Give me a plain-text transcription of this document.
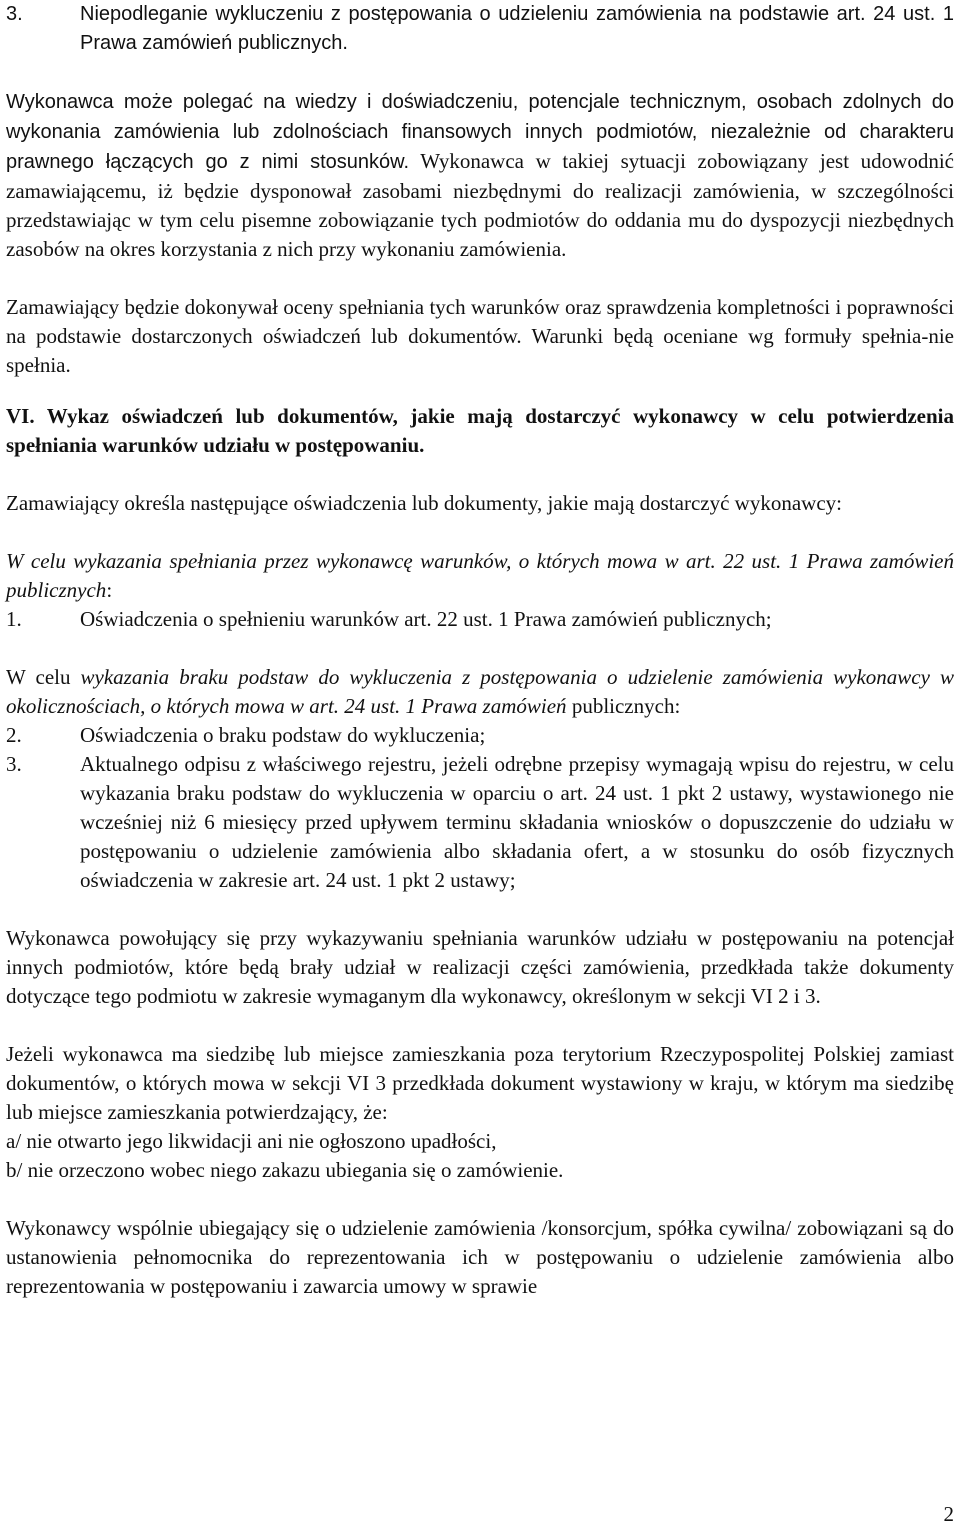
3.	Niepodleganie wykluczeniu z postępowania o udzieleniu zamówienia na podstawie art. 24 ust. 1 Prawa zamówień publicznych.

Wykonawca może polegać na wiedzy i doświadczeniu, potencjale technicznym, osobach zdolnych do wykonania zamówienia lub zdolnościach finansowych innych podmiotów, niezależnie od charakteru prawnego łączących go z nimi stosunków. Wykonawca w takiej sytuacji zobowiązany jest udowodnić zamawiającemu, iż będzie dysponował zasobami niezbędnymi do realizacji zamówienia, w szczególności przedstawiając w tym celu pisemne zobowiązanie tych podmiotów do oddania mu do dyspozycji niezbędnych zasobów na okres korzystania z nich przy wykonaniu zamówienia.

Zamawiający będzie dokonywał oceny spełniania tych warunków oraz sprawdzenia kompletności i poprawności na podstawie dostarczonych oświadczeń lub dokumentów. Warunki będą oceniane wg formuły spełnia-nie spełnia.

VI. Wykaz oświadczeń lub dokumentów, jakie mają dostarczyć wykonawcy w celu potwierdzenia spełniania warunków udziału w postępowaniu.

Zamawiający określa następujące oświadczenia lub dokumenty, jakie mają dostarczyć wykonawcy:

W celu wykazania spełniania przez wykonawcę warunków, o których mowa w art. 22 ust. 1 Prawa zamówień publicznych:

1.	Oświadczenia o spełnieniu warunków art. 22 ust. 1 Prawa zamówień publicznych;

W celu wykazania braku podstaw do wykluczenia z postępowania o udzielenie zamówienia wykonawcy w okolicznościach, o których mowa w art. 24 ust. 1 Prawa zamówień publicznych:

2.	Oświadczenia o braku podstaw do wykluczenia;
3.	Aktualnego odpisu z właściwego rejestru, jeżeli odrębne przepisy wymagają wpisu do rejestru, w celu wykazania braku podstaw do wykluczenia w oparciu o art. 24 ust. 1 pkt 2 ustawy, wystawionego nie wcześniej niż 6 miesięcy przed upływem terminu składania wniosków o dopuszczenie do udziału w postępowaniu o udzielenie zamówienia albo składania ofert, a w stosunku do osób fizycznych oświadczenia w zakresie art. 24 ust. 1 pkt 2 ustawy;

Wykonawca powołujący się przy wykazywaniu spełniania warunków udziału w postępowaniu na potencjał innych podmiotów, które będą brały udział w realizacji części zamówienia, przedkłada także dokumenty dotyczące tego podmiotu w zakresie wymaganym dla wykonawcy, określonym w sekcji VI 2 i 3.

Jeżeli wykonawca ma siedzibę lub miejsce zamieszkania poza terytorium Rzeczypospolitej Polskiej zamiast dokumentów, o których mowa w sekcji VI 3 przedkłada dokument wystawiony w kraju, w którym ma siedzibę lub miejsce zamieszkania potwierdzający, że:

a/ nie otwarto jego likwidacji ani nie ogłoszono upadłości,

b/ nie orzeczono wobec niego zakazu ubiegania się o zamówienie.

Wykonawcy wspólnie ubiegający się o udzielenie zamówienia /konsorcjum, spółka cywilna/ zobowiązani są do ustanowienia pełnomocnika do reprezentowania ich w postępowaniu o udzielenie zamówienia albo reprezentowania w postępowaniu i zawarcia umowy w sprawie

2
